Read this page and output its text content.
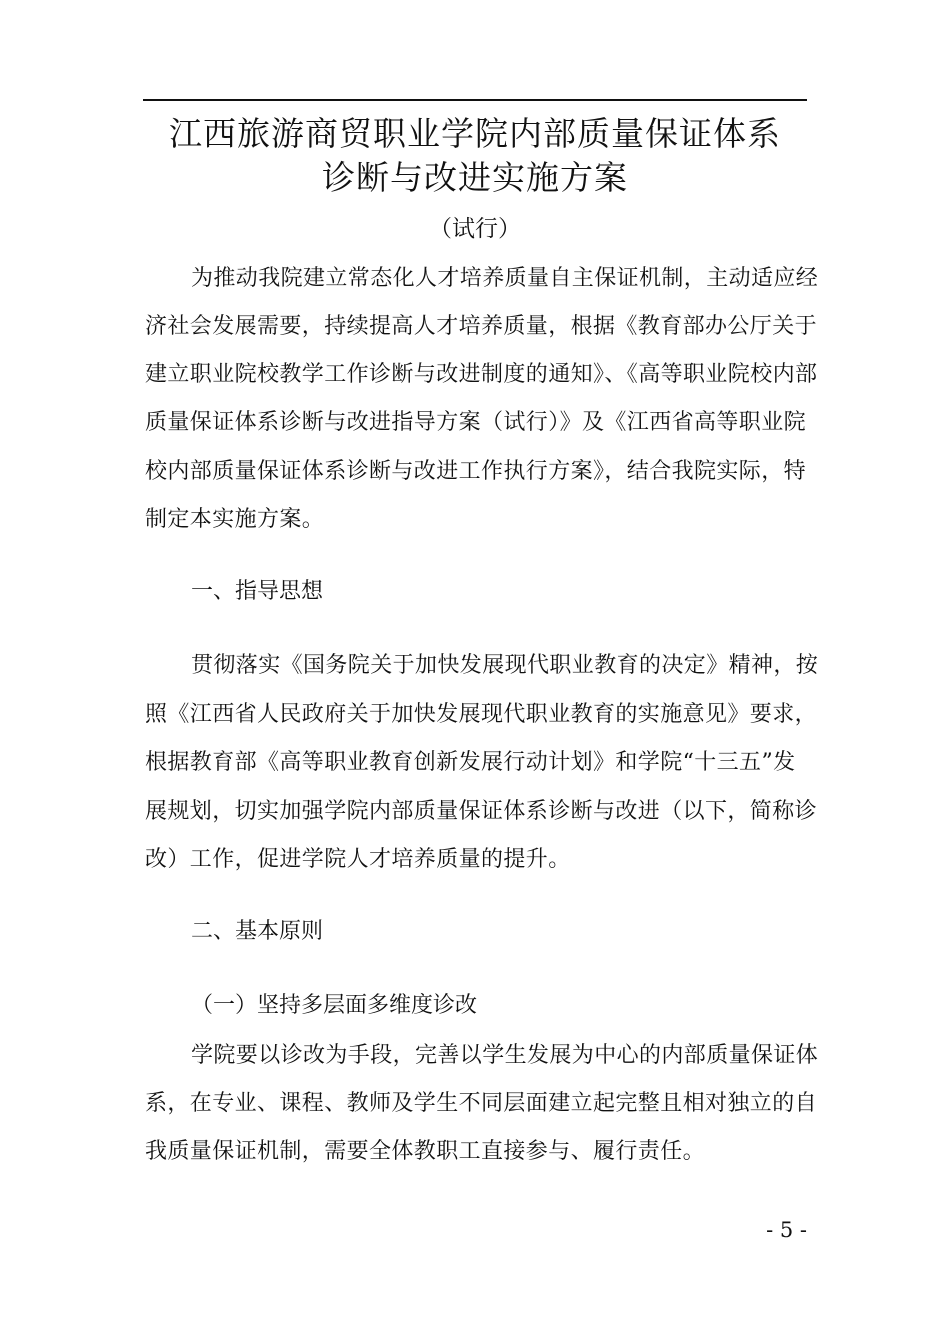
江西旅游商贸职业学院内部质量保证体系
诊断与改进实施方案
（试行）
为推动我院建立常态化人才培养质量自主保证机制，主动适应经
济社会发展需要，持续提高人才培养质量，根据《教育部办公厅关于
建立职业院校教学工作诊断与改进制度的通知》、《高等职业院校内部
质量保证体系诊断与改进指导方案（试行）》及《江西省高等职业院
校内部质量保证体系诊断与改进工作执行方案》，结合我院实际，特
制定本实施方案。
一、指导思想
贯彻落实《国务院关于加快发展现代职业教育的决定》精神，按
照《江西省人民政府关于加快发展现代职业教育的实施意见》要求，
根据教育部《高等职业教育创新发展行动计划》和学院“十三五”发
展规划，切实加强学院内部质量保证体系诊断与改进（以下，简称诊
改）工作，促进学院人才培养质量的提升。
二、基本原则
（一）坚持多层面多维度诊改
学院要以诊改为手段，完善以学生发展为中心的内部质量保证体
系，在专业、课程、教师及学生不同层面建立起完整且相对独立的自
我质量保证机制，需要全体教职工直接参与、履行责任。
- 5 -
